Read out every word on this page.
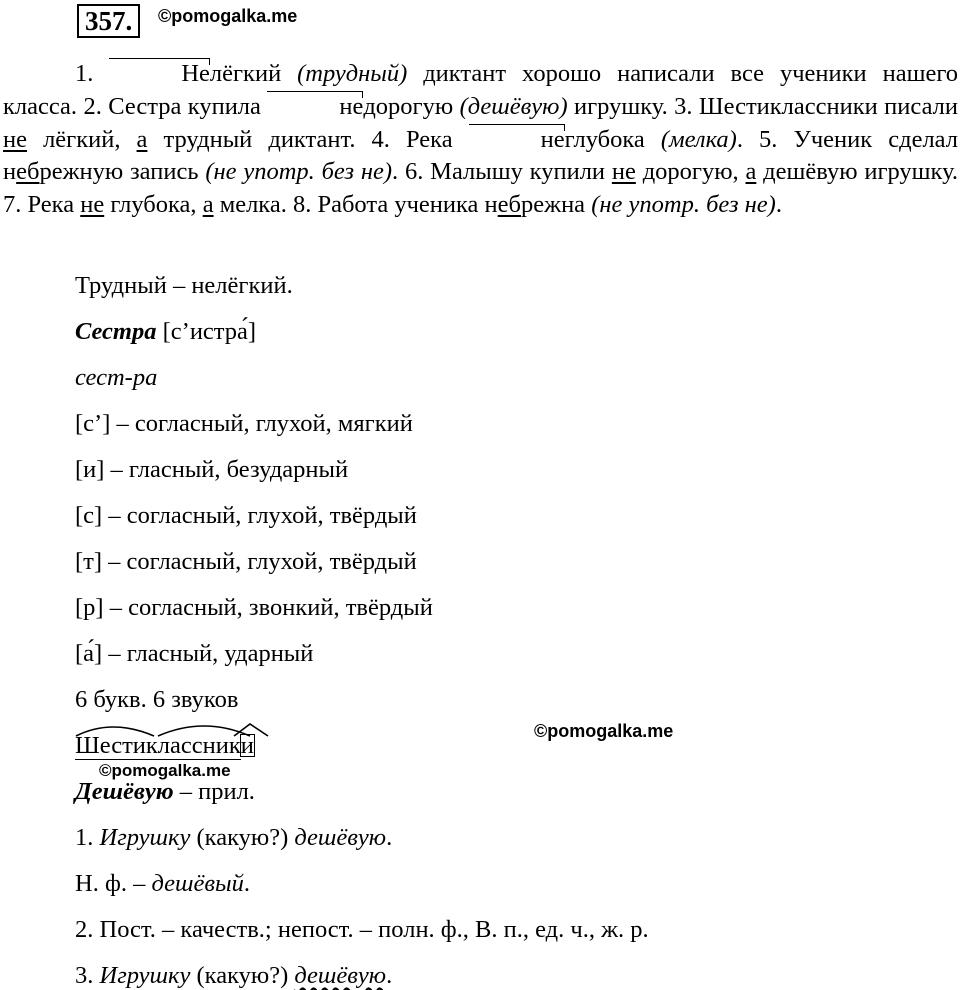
357.	©pomogalka.me

1.	Нелёгкий (трудный) диктант хорошо написали все ученики нашего класса. 2. Сестра купила	недорогую (дешёвую) игрушку. 3. Шестиклассники писали не лёгкий, а трудный диктант. 4. Река	неглубока (мелка). 5. Ученик сделал небрежную запись (не употр. без не). 6. Малышу купили не дорогую, а дешёвую игрушку. 7. Река не глубока, а мелка. 8. Работа ученика небрежна (не употр. без не).

Трудный – нелёгкий.
Сестра [с’истра́]
сест-ра
[с’] – согласный, глухой, мягкий
[и] – гласный, безударный
[с] – согласный, глухой, твёрдый
[т] – согласный, глухой, твёрдый
[р] – согласный, звонкий, твёрдый
[а́] – гласный, ударный
6 букв. 6 звуков
Шестиклассники
©pomogalka.me
©pomogalka.me
Дешёвую – прил.
1. Игрушку (какую?) дешёвую.
Н. ф. – дешёвый.
2. Пост. – качеств.; непост. – полн. ф., В. п., ед. ч., ж. р.
3. Игрушку (какую?) дешёвую.
